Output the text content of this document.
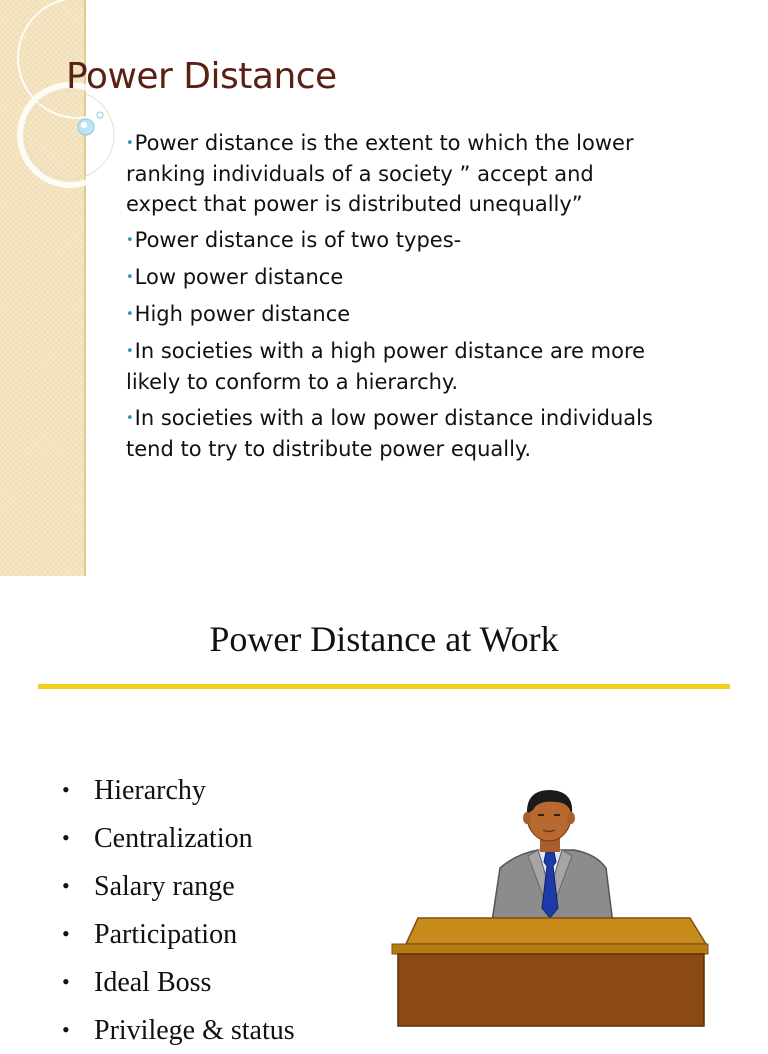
Power Distance
•Power distance is the extent to which the lower ranking individuals of a society ” accept and expect that power is distributed unequally”
•Power distance is of two types-
•Low power distance
•High power distance
•In societies with a high power distance are more likely to conform to a hierarchy.
•In societies with a low power distance individuals tend to try to distribute power equally.
Power Distance at Work
• Hierarchy
• Centralization
• Salary range
• Participation
• Ideal Boss
• Privilege & status
